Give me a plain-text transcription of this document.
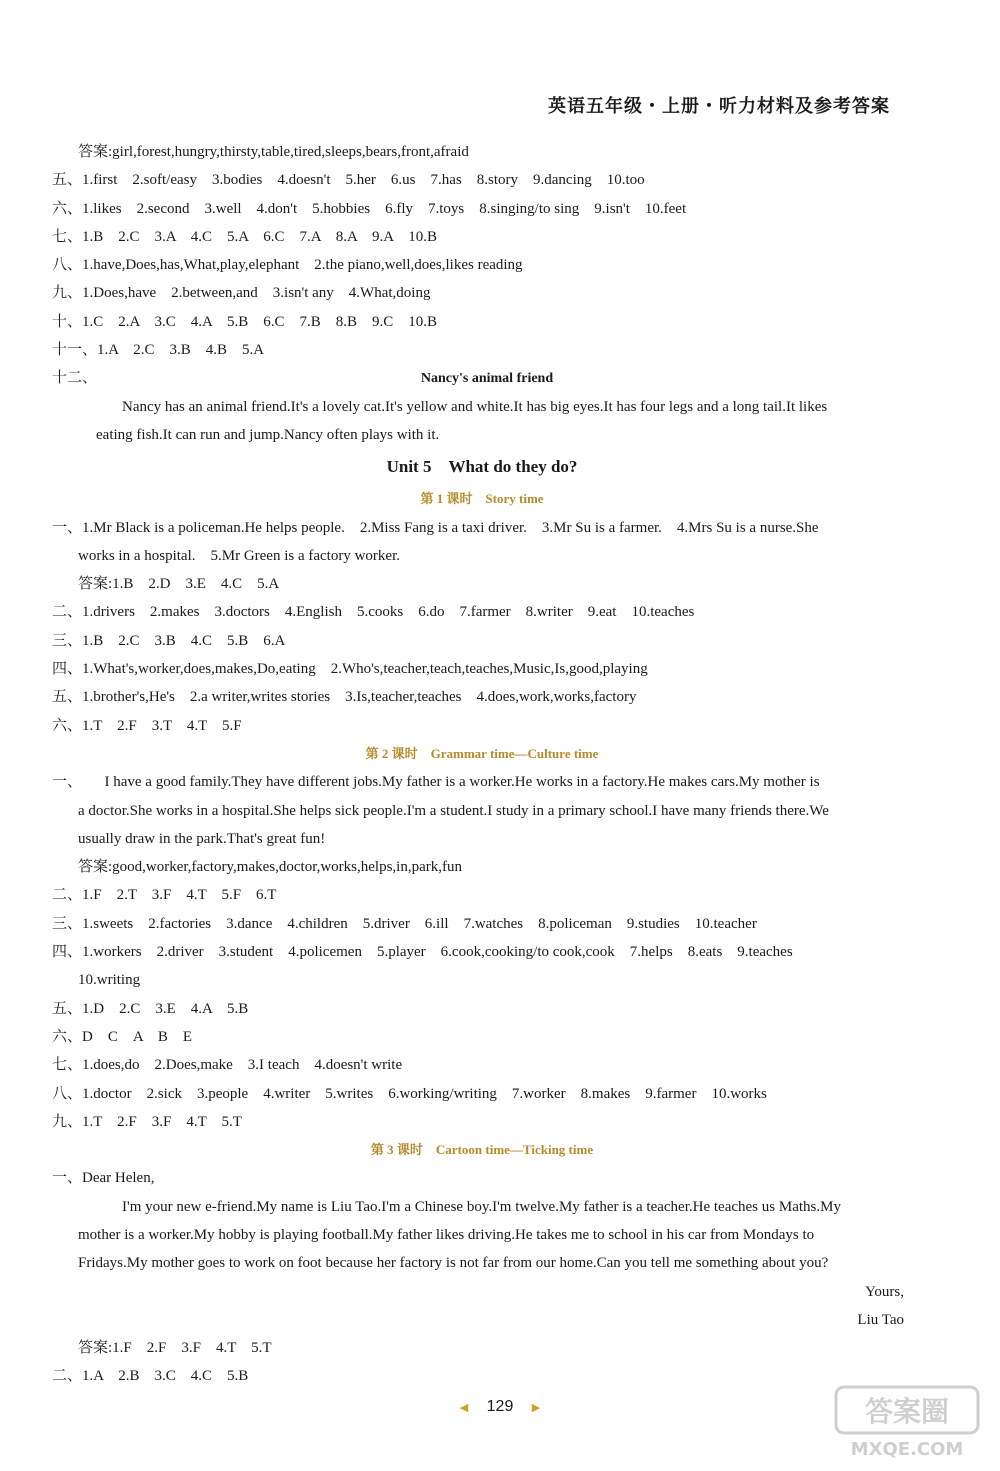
英语五年级・上册・听力材料及参考答案
答案:girl,forest,hungry,thirsty,table,tired,sleeps,bears,front,afraid
五、1.first　2.soft/easy　3.bodies　4.doesn't　5.her　6.us　7.has　8.story　9.dancing　10.too
六、1.likes　2.second　3.well　4.don't　5.hobbies　6.fly　7.toys　8.singing/to sing　9.isn't　10.feet
七、1.B　2.C　3.A　4.C　5.A　6.C　7.A　8.A　9.A　10.B
八、1.have,Does,has,What,play,elephant　2.the piano,well,does,likes reading
九、1.Does,have　2.between,and　3.isn't any　4.What,doing
十、1.C　2.A　3.C　4.A　5.B　6.C　7.B　8.B　9.C　10.B
十一、1.A　2.C　3.B　4.B　5.A
十二、	Nancy's animal friend
Nancy has an animal friend.It's a lovely cat.It's yellow and white.It has big eyes.It has four legs and a long tail.It likes
eating fish.It can run and jump.Nancy often plays with it.
Unit 5　What do they do?
第 1 课时　Story time
一、1.Mr Black is a policeman.He helps people.　2.Miss Fang is a taxi driver.　3.Mr Su is a farmer.　4.Mrs Su is a nurse.She
works in a hospital.　5.Mr Green is a factory worker.
答案:1.B　2.D　3.E　4.C　5.A
二、1.drivers　2.makes　3.doctors　4.English　5.cooks　6.do　7.farmer　8.writer　9.eat　10.teaches
三、1.B　2.C　3.B　4.C　5.B　6.A
四、1.What's,worker,does,makes,Do,eating　2.Who's,teacher,teach,teaches,Music,Is,good,playing
五、1.brother's,He's　2.a writer,writes stories　3.Is,teacher,teaches　4.does,work,works,factory
六、1.T　2.F　3.T　4.T　5.F
第 2 课时　Grammar time—Culture time
一、　　I have a good family.They have different jobs.My father is a worker.He works in a factory.He makes cars.My mother is
a doctor.She works in a hospital.She helps sick people.I'm a student.I study in a primary school.I have many friends there.We
usually draw in the park.That's great fun!
答案:good,worker,factory,makes,doctor,works,helps,in,park,fun
二、1.F　2.T　3.F　4.T　5.F　6.T
三、1.sweets　2.factories　3.dance　4.children　5.driver　6.ill　7.watches　8.policeman　9.studies　10.teacher
四、1.workers　2.driver　3.student　4.policemen　5.player　6.cook,cooking/to cook,cook　7.helps　8.eats　9.teaches
10.writing
五、1.D　2.C　3.E　4.A　5.B
六、D　C　A　B　E
七、1.does,do　2.Does,make　3.I teach　4.doesn't write
八、1.doctor　2.sick　3.people　4.writer　5.writes　6.working/writing　7.worker　8.makes　9.farmer　10.works
九、1.T　2.F　3.F　4.T　5.T
第 3 课时　Cartoon time—Ticking time
一、Dear Helen,
I'm your new e-friend.My name is Liu Tao.I'm a Chinese boy.I'm twelve.My father is a teacher.He teaches us Maths.My
mother is a worker.My hobby is playing football.My father likes driving.He takes me to school in his car from Mondays to
Fridays.My mother goes to work on foot because her factory is not far from our home.Can you tell me something about you?
Yours,
Liu Tao
答案:1.F　2.F　3.F　4.T　5.T
二、1.A　2.B　3.C　4.C　5.B
◀ 129 ▶	答案圈
MXQE.COM
